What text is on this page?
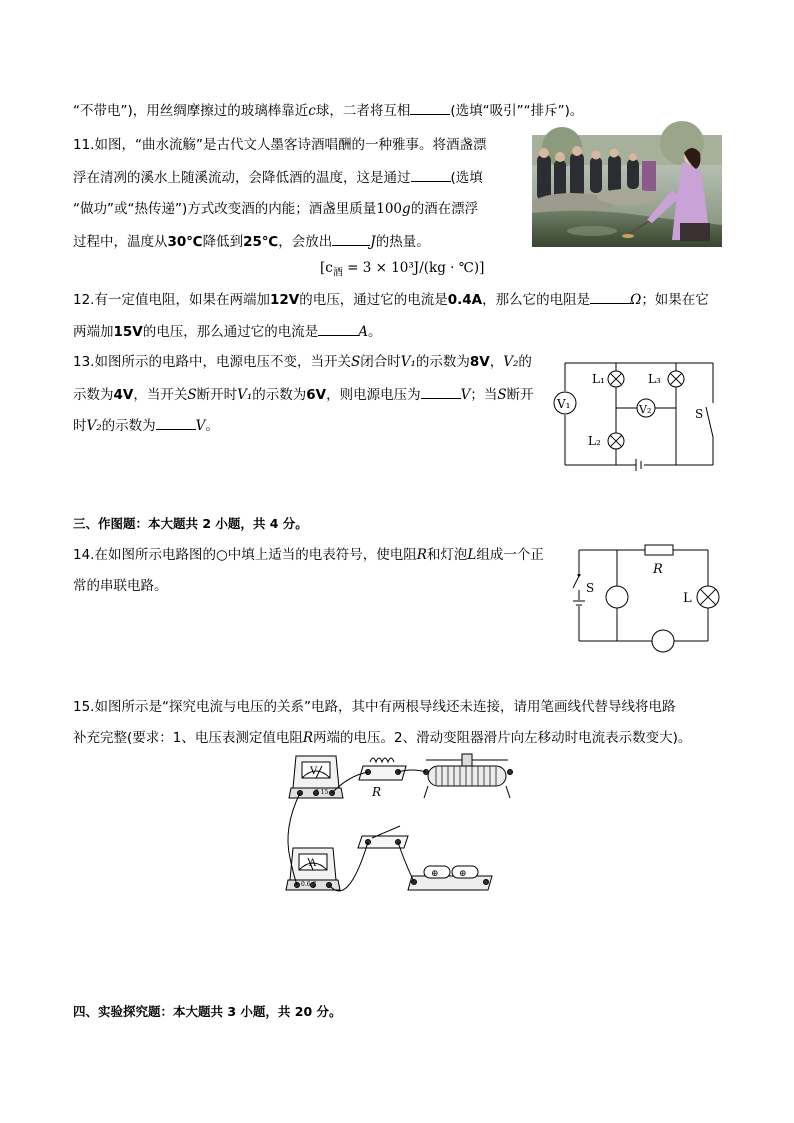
“不带电”)，用丝绸摩擦过的玻璃棒靠近c球，二者将互相	(选填“吸引”“排斥”)。
11.如图，“曲水流觞”是古代文人墨客诗酒唱酬的一种雅事。将酒盏漂
浮在清冽的溪水上随溪流动，会降低酒的温度，这是通过	(选填
“做功”或“热传递”)方式改变酒的内能；酒盏里质量100g的酒在漂浮
过程中，温度从30℃降低到25℃，会放出	J的热量。
[$c_酒 = 3 \times 10^3J/(kg$ · ℃)]
12.有一定值电阻，如果在两端加12V的电压，通过它的电流是0.4A，那么它的电阻是	Ω；如果在它
两端加15V的电压，那么通过它的电流是	A。
13.如图所示的电路中，电源电压不变，当开关S闭合时V₁的示数为8V，V₂的
示数为4V，当开关S断开时V₁的示数为6V，则电源电压为	V；当S断开
时V₂的示数为	V。
L₁	L₃
L₂
V₁	V₂	S
三、作图题：本大题共 2 小题，共 4 分。
14.在如图所示电路图的○中填上适当的电表符号，使电阻R和灯泡L组成一个正
常的串联电路。	S
R
L
15.如图所示是“探究电流与电压的关系”电路，其中有两根导线还未连接，请用笔画线代替导线将电路
补充完整(要求：1、电压表测定值电阻R两端的电压。2、滑动变阻器滑片向左移动时电流表示数变大)。
V
3 15	R
A
0.6 3
⊕ ⊕
四、实验探究题：本大题共 3 小题，共 20 分。
